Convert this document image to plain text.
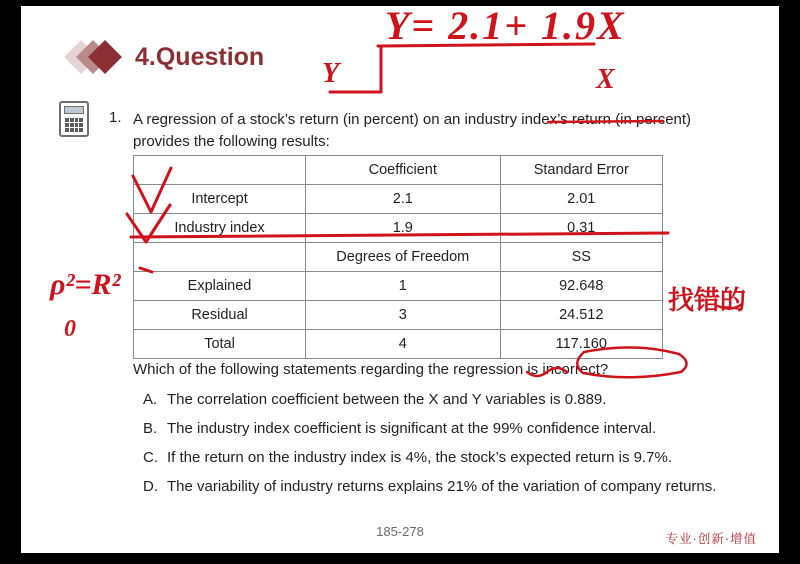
4.Question
1. A regression of a stock’s return (in percent) on an industry index’s return (in percent) provides the following results:
	Coefficient	Standard Error
Intercept	2.1	2.01
Industry index	1.9	0.31
	Degrees of Freedom	SS
Explained	1	92.648
Residual	3	24.512
Total	4	117.160
Which of the following statements regarding the regression is incorrect?
A. The correlation coefficient between the X and Y variables is 0.889.
B. The industry index coefficient is significant at the 99% confidence interval.
C. If the return on the industry index is 4%, the stock’s expected return is 9.7%.
D. The variability of industry returns explains 21% of the variation of company returns.
185-278	专业·创新·增值
Y= 2.1+ 1.9X
Y	X
ρ²=R²
0
找错的
